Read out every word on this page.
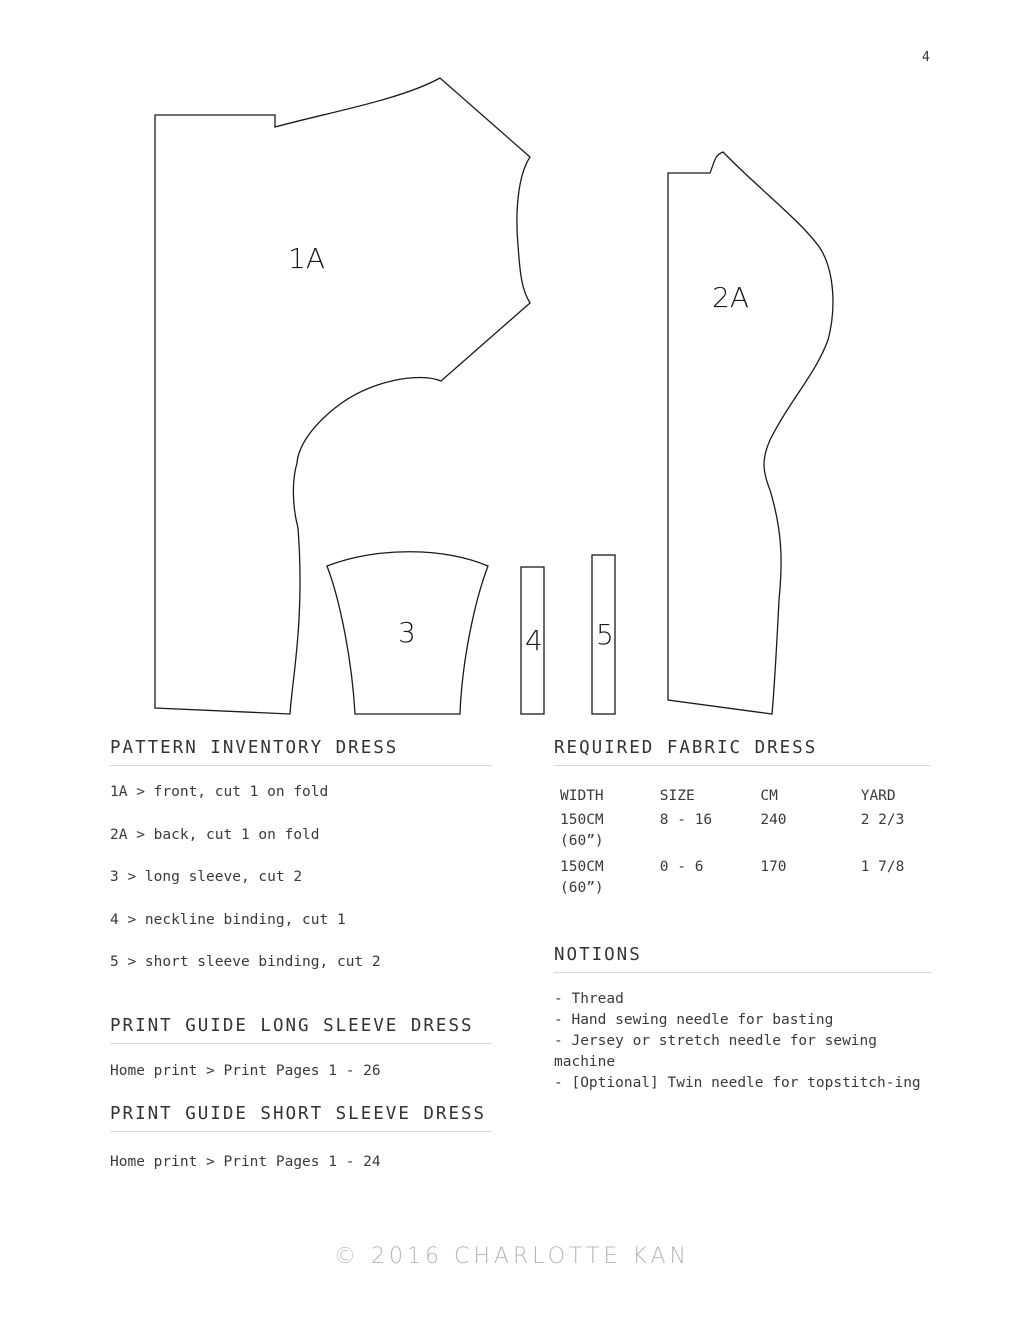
4
1A
2A
3	4 5
PATTERN INVENTORY DRESS
1A > front, cut 1 on fold
2A > back, cut 1 on fold
3 > long sleeve, cut 2
4 > neckline binding, cut 1
5 > short sleeve binding, cut 2
PRINT GUIDE LONG SLEEVE DRESS
Home print > Print Pages 1 - 26
PRINT GUIDE SHORT SLEEVE DRESS
Home print > Print Pages 1 - 24
REQUIRED FABRIC DRESS
WIDTH	SIZE	CM	YARD
150CM
(60”)	8 - 16	240	2 2/3
150CM
(60”)	0 - 6	170	1 7/8
NOTIONS
- Thread
- Hand sewing needle for basting
- Jersey or stretch needle for sewing machine
- [Optional] Twin needle for topstitch-ing
© 2016 CHARLOTTE KAN
